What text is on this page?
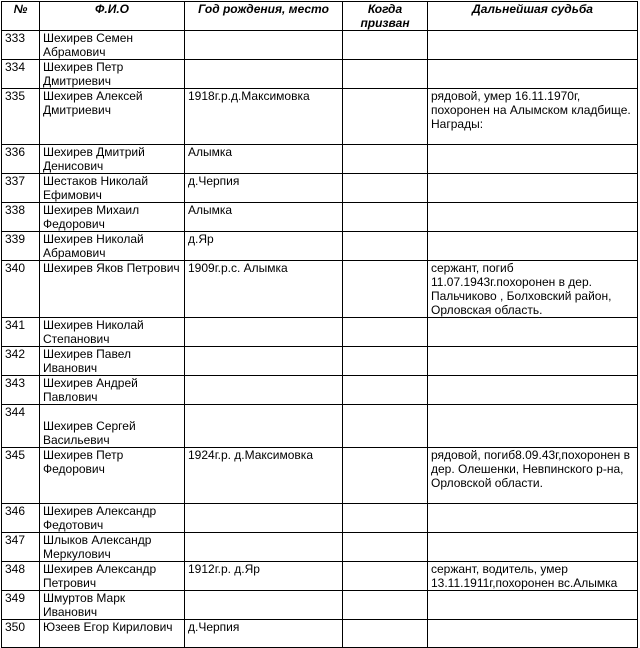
№	Ф.И.О	Год рождения, место	Когда призван	Дальнейшая судьба
333	Шехирев Семен Абрамович			
334	Шехирев Петр Дмитриевич			
335	Шехирев Алексей Дмитриевич	1918г.р.д.Максимовка		рядовой, умер 16.11.1970г, похоронен на Алымском кладбище.
Награды:

336	Шехирев Дмитрий Денисович	Алымка		
337	Шестаков Николай Ефимович	д.Черпия		
338	Шехирев Михаил Федорович	Алымка		
339	Шехирев Николай Абрамович	д.Яр		
340	Шехирев Яков Петрович	1909г.р.с. Алымка		сержант, погиб 11.07.1943г.похоронен в дер. Пальчиково , Болховский район, Орловская область.
341	Шехирев Николай Степанович			
342	Шехирев Павел Иванович			
343	Шехирев Андрей Павлович			
344	Шехирев Сергей Васильевич			
345	Шехирев Петр Федорович	1924г.р. д.Максимовка		рядовой, погиб8.09.43г,похоронен в дер. Олешенки, Невпинского р-на, Орловской области.
346	Шехирев Александр Федотович			
347	Шлыков Александр Меркулович			
348	Шехирев Александр Петрович	1912г.р. д.Яр		сержант, водитель, умер 13.11.1911г,похоронен вс.Алымка
349	Шмуртов Марк Иванович			
350	Юзеев Егор Кирилович	д.Черпия		
